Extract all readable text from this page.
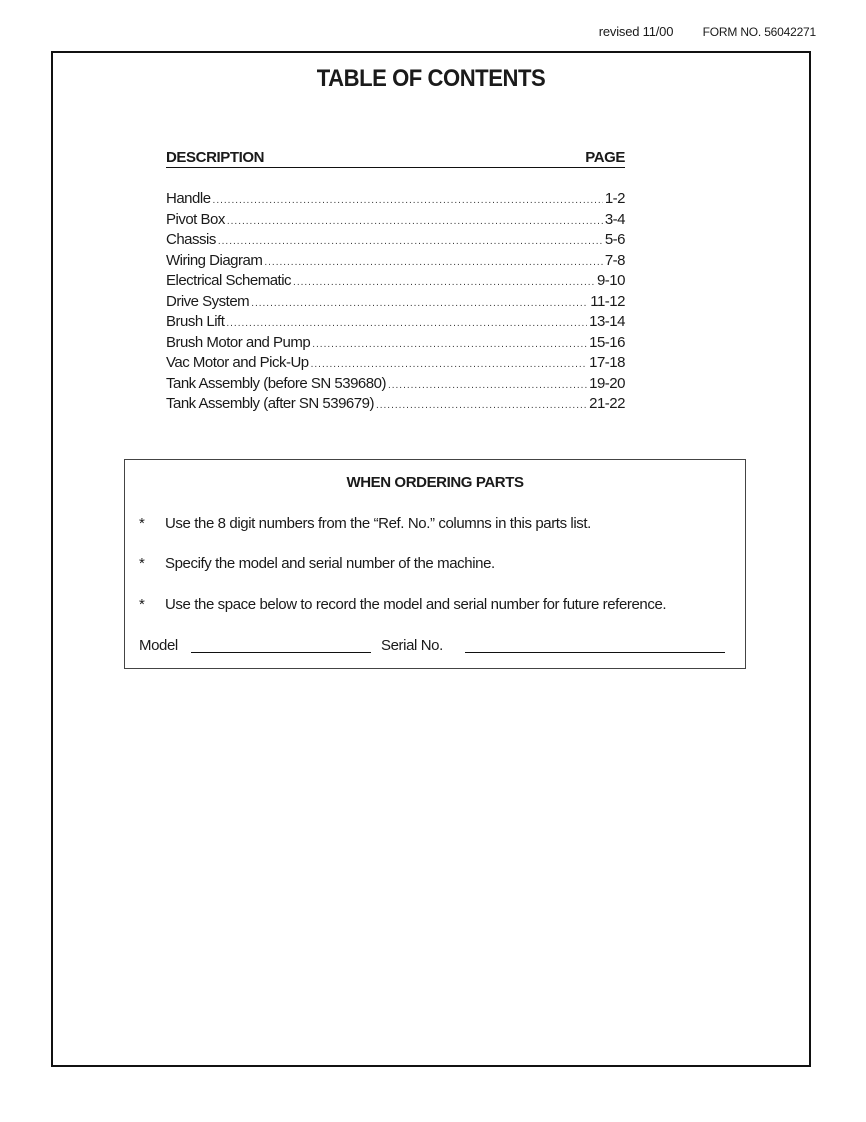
revised 11/00 FORM NO. 56042271
TABLE OF CONTENTS
DESCRIPTION	PAGE
Handle .....	1-2
Pivot Box .....	3-4
Chassis .....	5-6
Wiring Diagram .....	7-8
Electrical Schematic .....	9-10
Drive System .....	11-12
Brush Lift .....	13-14
Brush Motor and Pump .....	15-16
Vac Motor and Pick-Up .....	17-18
Tank Assembly (before SN 539680) .....	19-20
Tank Assembly (after SN 539679) .....	21-22
WHEN ORDERING PARTS
* Use the 8 digit numbers from the “Ref. No.” columns in this parts list.
* Specify the model and serial number of the machine.
* Use the space below to record the model and serial number for future reference.
Model	Serial No.
